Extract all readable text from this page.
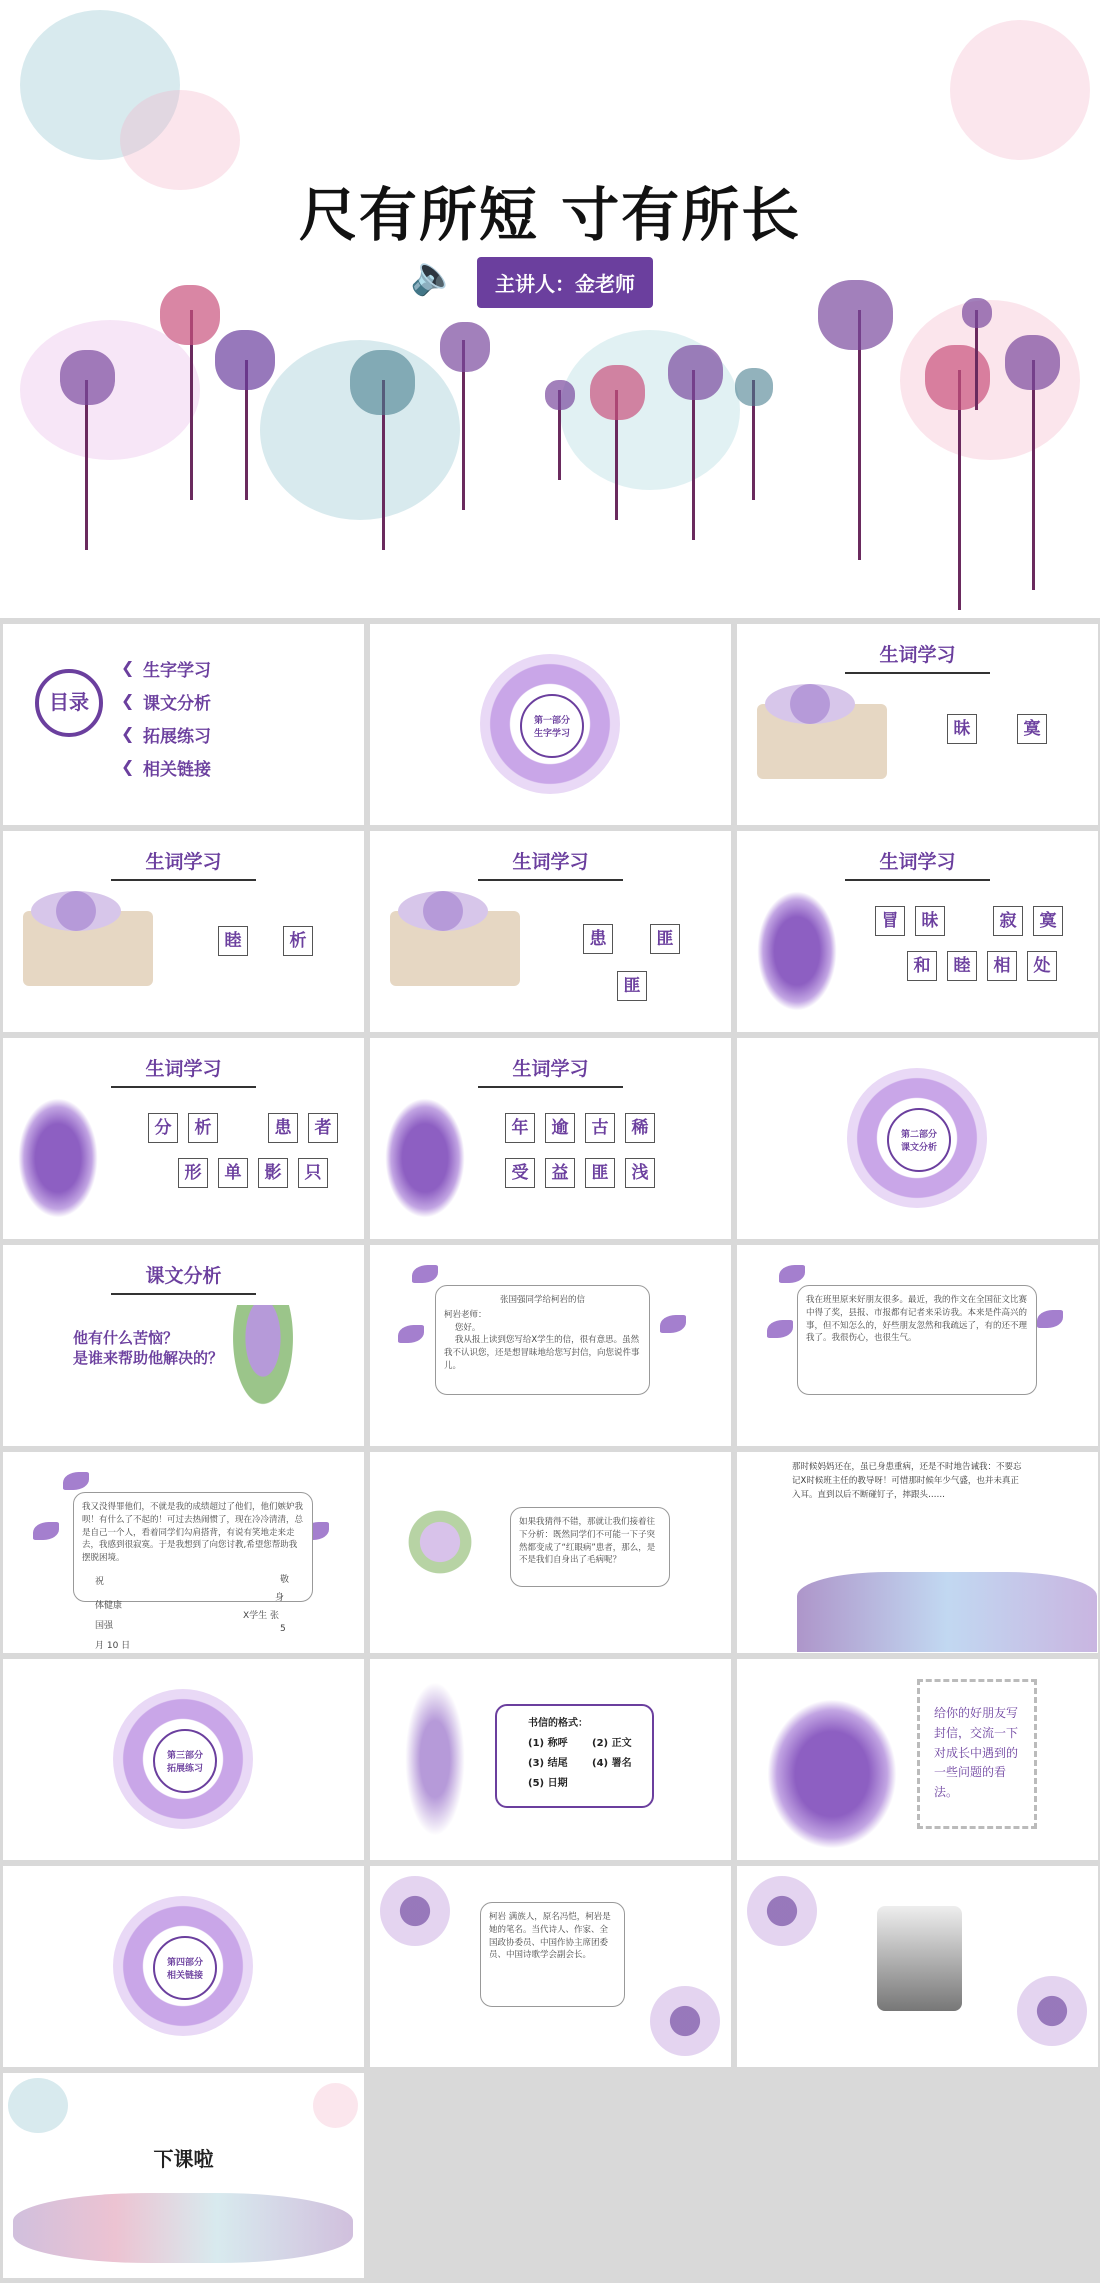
尺有所短 寸有所长
🔈	主讲人：金老师
目录
❮ 生字学习
❮ 课文分析
❮ 拓展练习
❮ 相关链接
第一部分
生字学习
生词学习
昧	寞
生词学习
睦	析
生词学习
患	匪
匪
生词学习
冒	昧	寂	寞
和	睦	相	处
生词学习
分	析	患	者
形	单	影	只
生词学习
年	逾	古	稀
受	益	匪	浅
第二部分
课文分析
课文分析
他有什么苦恼？
是谁来帮助他解决的？
张国强同学给柯岩的信
柯岩老师：
您好。
我从报上读到您写给X学生的信，很有意思。虽然我不认识您，还是想冒昧地给您写封信，向您说件事儿。
我在班里原来好朋友很多。最近，我的作文在全国征文比赛中得了奖，县报、市报都有记者来采访我。本来是件高兴的事，但不知怎么的，好些朋友忽然和我疏远了，有的还不理我了。我很伤心，也很生气。
我又没得罪他们，不就是我的成绩超过了他们，他们嫉妒我呗！有什么了不起的！可过去热闹惯了，现在冷冷清清，总是自己一个人，看着同学们勾肩搭背，有说有笑地走来走去，我感到很寂寞。于是我想到了向您讨教,希望您帮助我摆脱困境。
祝
体健康
国强
月 10 日
敬
身
X学生 张
5
如果我猜得不错，那就让我们接着往下分析：既然同学们不可能一下子突然都变成了“红眼病”患者，那么，是不是我们自身出了毛病呢？
那时候妈妈还在，虽已身患重病，还是不时地告诫我：不要忘记X时候班主任的教导呀！可惜那时候年少气盛，也并未真正入耳。直到以后不断碰钉子，摔跟头……
第三部分
拓展练习
书信的格式：
(1) 称呼 (2) 正文
(3) 结尾 (4) 署名
(5) 日期
给你的好朋友写封信，交流一下对成长中遇到的一些问题的看法。
第四部分
相关链接
柯岩 满族人，原名冯恺，柯岩是她的笔名。当代诗人、作家、全国政协委员、中国作协主席团委员、中国诗歌学会副会长。
下课啦
